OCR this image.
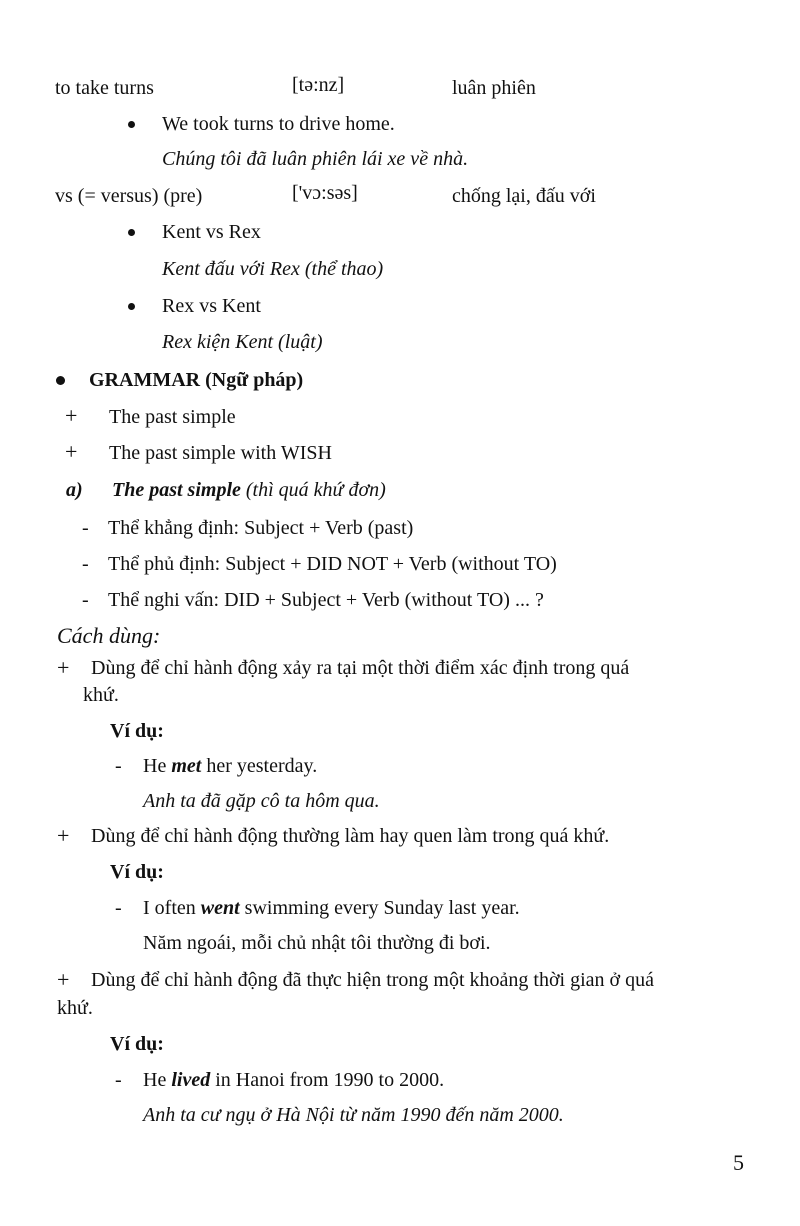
to take turns	[tə:nz]	luân phiên
We took turns to drive home.
Chúng tôi đã luân phiên lái xe về nhà.
vs (= versus) (pre)	['vɔ:səs]	chống lại, đấu với
Kent vs Rex
Kent đấu với Rex (thể thao)
Rex vs Kent
Rex kiện Kent (luật)
GRAMMAR (Ngữ pháp)
+ The past simple
+ The past simple with WISH
a) The past simple (thì quá khứ đơn)
- Thể khẳng định: Subject + Verb (past)
- Thể phủ định: Subject + DID NOT + Verb (without TO)
- Thể nghi vấn: DID + Subject + Verb (without TO) ... ?
Cách dùng:
+ Dùng để chỉ hành động xảy ra tại một thời điểm xác định trong quá
khứ.
Ví dụ:
- He met her yesterday.
Anh ta đã gặp cô ta hôm qua.
+ Dùng để chỉ hành động thường làm hay quen làm trong quá khứ.
Ví dụ:
- I often went swimming every Sunday last year.
Năm ngoái, mỗi chủ nhật tôi thường đi bơi.
+ Dùng để chỉ hành động đã thực hiện trong một khoảng thời gian ở quá
khứ.
Ví dụ:
- He lived in Hanoi from 1990 to 2000.
Anh ta cư ngụ ở Hà Nội từ năm 1990 đến năm 2000.
5
